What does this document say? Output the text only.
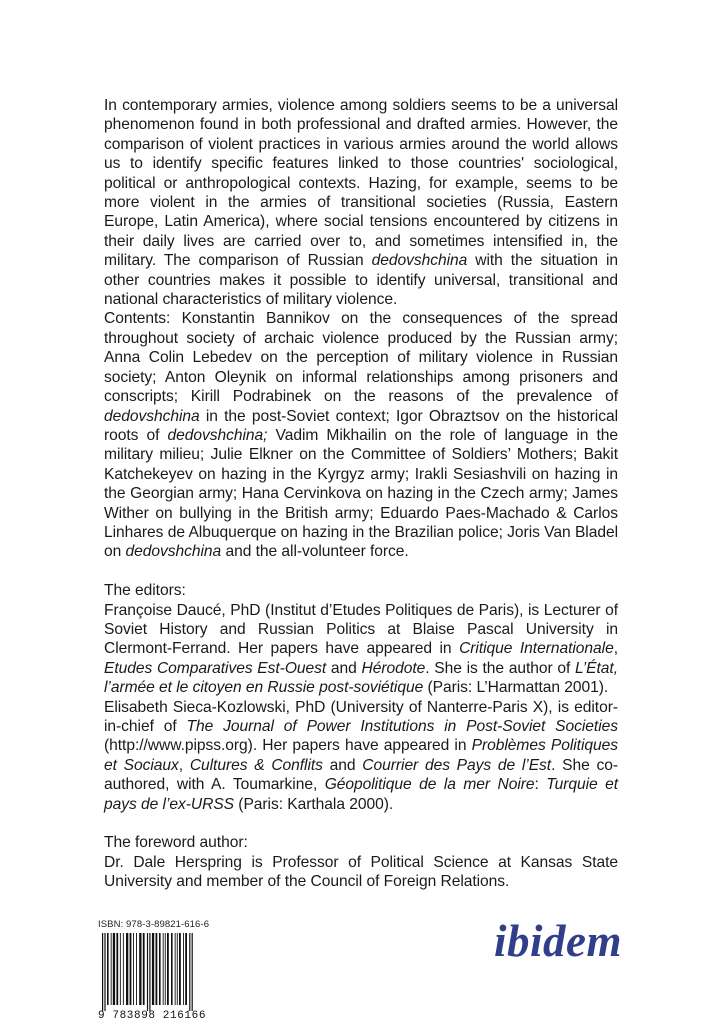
In contemporary armies, violence among soldiers seems to be a universal phenomenon found in both professional and drafted armies. However, the comparison of violent practices in various armies around the world allows us to identify specific features linked to those countries' sociological, political or anthropological contexts. Hazing, for example, seems to be more violent in the armies of transitional societies (Russia, Eastern Europe, Latin America), where social tensions encountered by citizens in their daily lives are carried over to, and sometimes intensified in, the military. The comparison of Russian dedovshchina with the situation in other countries makes it possible to identify universal, transitional and national characteristics of military violence.

Contents: Konstantin Bannikov on the consequences of the spread throughout society of archaic violence produced by the Russian army; Anna Colin Lebedev on the perception of military violence in Russian society; Anton Oleynik on informal relationships among prisoners and conscripts; Kirill Podrabinek on the reasons of the prevalence of dedovshchina in the post-Soviet context; Igor Obraztsov on the historical roots of dedovshchina; Vadim Mikhailin on the role of language in the military milieu; Julie Elkner on the Committee of Soldiers’ Mothers; Bakit Katchekeyev on hazing in the Kyrgyz army; Irakli Sesiashvili on hazing in the Georgian army; Hana Cervinkova on hazing in the Czech army; James Wither on bullying in the British army; Eduardo Paes-Machado & Carlos Linhares de Albuquerque on hazing in the Brazilian police; Joris Van Bladel on dedovshchina and the all-volunteer force.

The editors:

Françoise Daucé, PhD (Institut d’Etudes Politiques de Paris), is Lecturer of Soviet History and Russian Politics at Blaise Pascal University in Clermont-Ferrand. Her papers have appeared in Critique Internationale, Etudes Comparatives Est-Ouest and Hérodote. She is the author of L’État, l’armée et le citoyen en Russie post-soviétique (Paris: L’Harmattan 2001).

Elisabeth Sieca-Kozlowski, PhD (University of Nanterre-Paris X), is editor-in-chief of The Journal of Power Institutions in Post-Soviet Societies (http://www.pipss.org). Her papers have appeared in Problèmes Politiques et Sociaux, Cultures & Conflits and Courrier des Pays de l’Est. She co-authored, with A. Toumarkine, Géopolitique de la mer Noire: Turquie et pays de l’ex-URSS (Paris: Karthala 2000).

The foreword author:

Dr. Dale Herspring is Professor of Political Science at Kansas State University and member of the Council of Foreign Relations.

ISBN: 978-3-89821-616-6
9 783898 216166
ibidem
